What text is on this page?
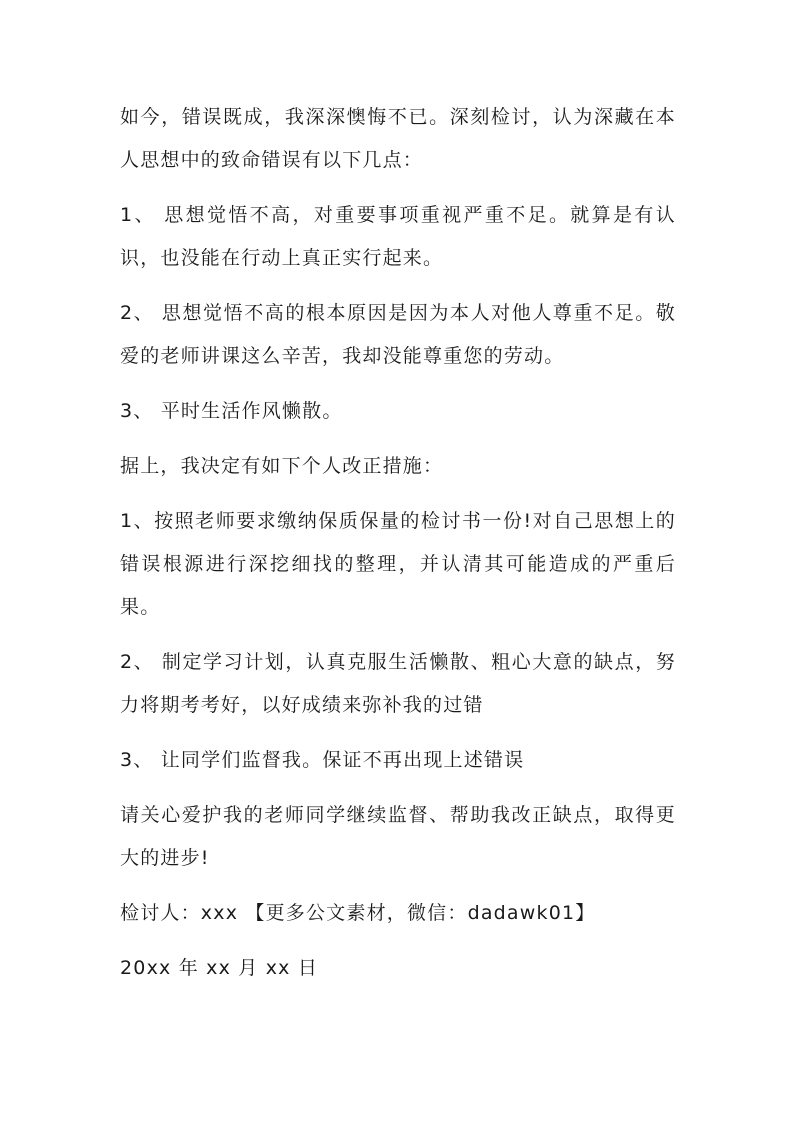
如今，错误既成，我深深懊悔不已。深刻检讨，认为深藏在本人思想中的致命错误有以下几点：

1、 思想觉悟不高，对重要事项重视严重不足。就算是有认识，也没能在行动上真正实行起来。

2、 思想觉悟不高的根本原因是因为本人对他人尊重不足。敬爱的老师讲课这么辛苦，我却没能尊重您的劳动。

3、 平时生活作风懒散。

据上，我决定有如下个人改正措施：

1、按照老师要求缴纳保质保量的检讨书一份!对自己思想上的错误根源进行深挖细找的整理，并认清其可能造成的严重后果。

2、 制定学习计划，认真克服生活懒散、粗心大意的缺点，努力将期考考好，以好成绩来弥补我的过错

3、 让同学们监督我。保证不再出现上述错误

请关心爱护我的老师同学继续监督、帮助我改正缺点，取得更大的进步!

检讨人：xxx 【更多公文素材，微信：dadawk01】

20xx 年 xx 月 xx 日
